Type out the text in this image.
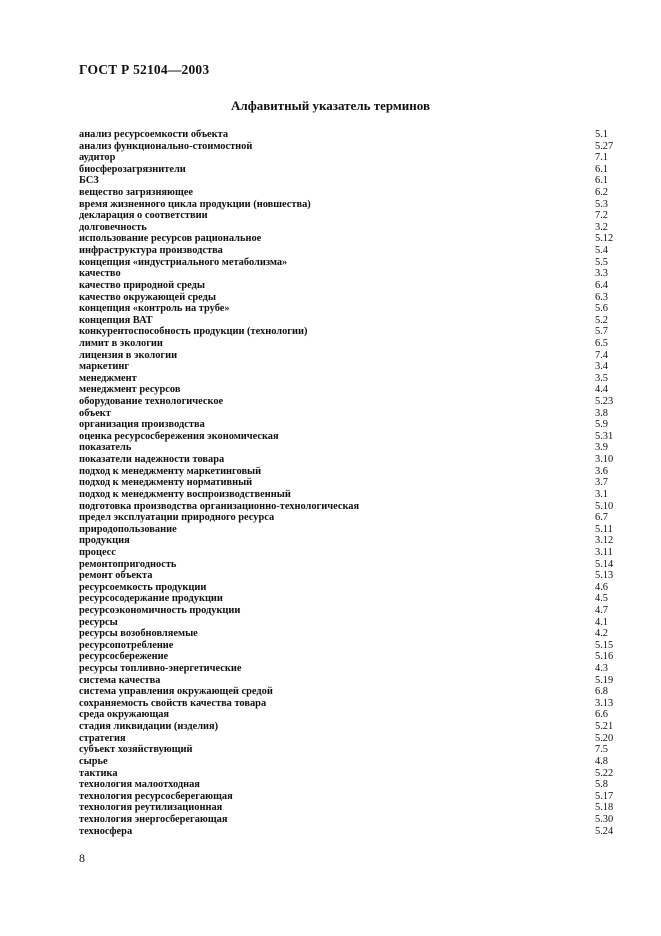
ГОСТ Р 52104—2003

Алфавитный указатель терминов
анализ ресурсоемкости объекта	5.1
анализ функционально-стоимостной	5.27
аудитор	7.1
биосферозагрязнители	6.1
БСЗ	6.1
вещество загрязняющее	6.2
время жизненного цикла продукции (новшества)	5.3
декларация о соответствии	7.2
долговечность	3.2
использование ресурсов рациональное	5.12
инфраструктура производства	5.4
концепция «индустриального метаболизма»	5.5
качество	3.3
качество природной среды	6.4
качество окружающей среды	6.3
концепция «контроль на трубе»	5.6
концепция ВАТ	5.2
конкурентоспособность продукции (технологии)	5.7
лимит в экологии	6.5
лицензия в экологии	7.4
маркетинг	3.4
менеджмент	3.5
менеджмент ресурсов	4.4
оборудование технологическое	5.23
объект	3.8
организация производства	5.9
оценка ресурсосбережения экономическая	5.31
показатель	3.9
показатели надежности товара	3.10
подход к менеджменту маркетинговый	3.6
подход к менеджменту нормативный	3.7
подход к менеджменту воспроизводственный	3.1
подготовка производства организационно-технологическая	5.10
предел эксплуатации природного ресурса	6.7
природопользование	5.11
продукция	3.12
процесс	3.11
ремонтопригодность	5.14
ремонт объекта	5.13
ресурсоемкость продукции	4.6
ресурсосодержание продукции	4.5
ресурсоэкономичность продукции	4.7
ресурсы	4.1
ресурсы возобновляемые	4.2
ресурсопотребление	5.15
ресурсосбережение	5.16
ресурсы топливно-энергетические	4.3
система качества	5.19
система управления окружающей средой	6.8
сохраняемость свойств качества товара	3.13
среда окружающая	6.6
стадия ликвидации (изделия)	5.21
стратегия	5.20
субъект хозяйствующий	7.5
сырье	4.8
тактика	5.22
технология малоотходная	5.8
технология ресурсосберегающая	5.17
технология реутилизационная	5.18
технология энергосберегающая	5.30
техносфера	5.24

8
